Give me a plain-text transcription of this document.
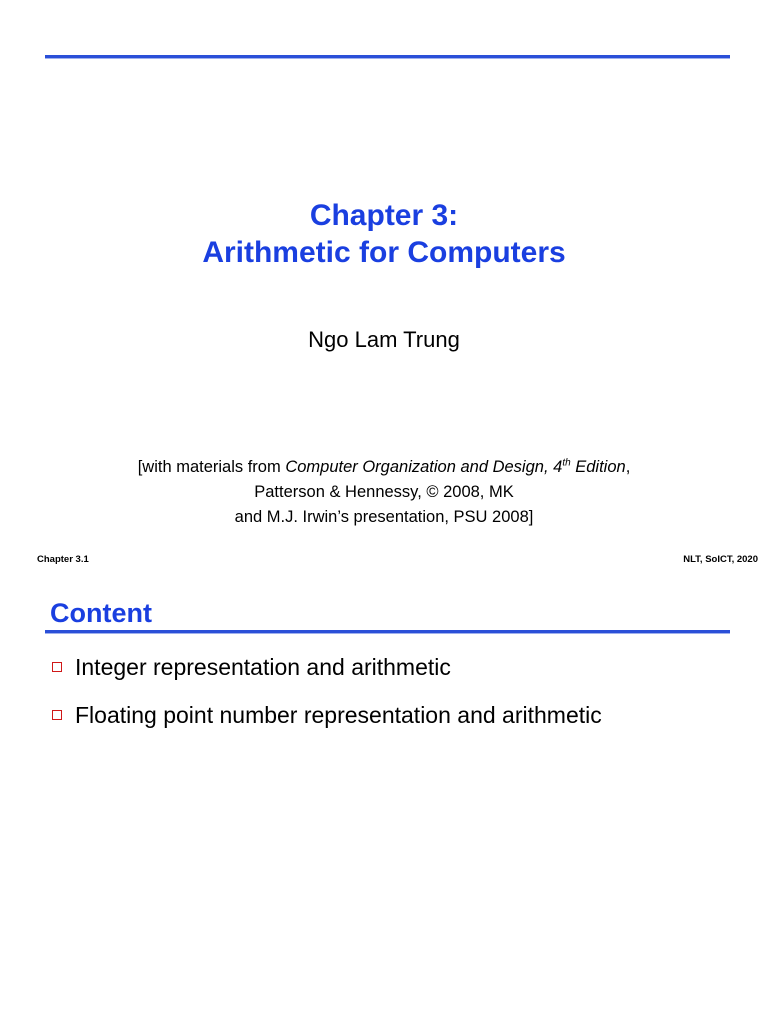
Chapter 3:
Arithmetic for Computers
Ngo Lam Trung
[with materials from Computer Organization and Design, 4th Edition,
Patterson & Hennessy, © 2008, MK
and M.J. Irwin’s presentation, PSU 2008]
Chapter 3.1	NLT, SoICT, 2020
Content
Integer representation and arithmetic
Floating point number representation and arithmetic
